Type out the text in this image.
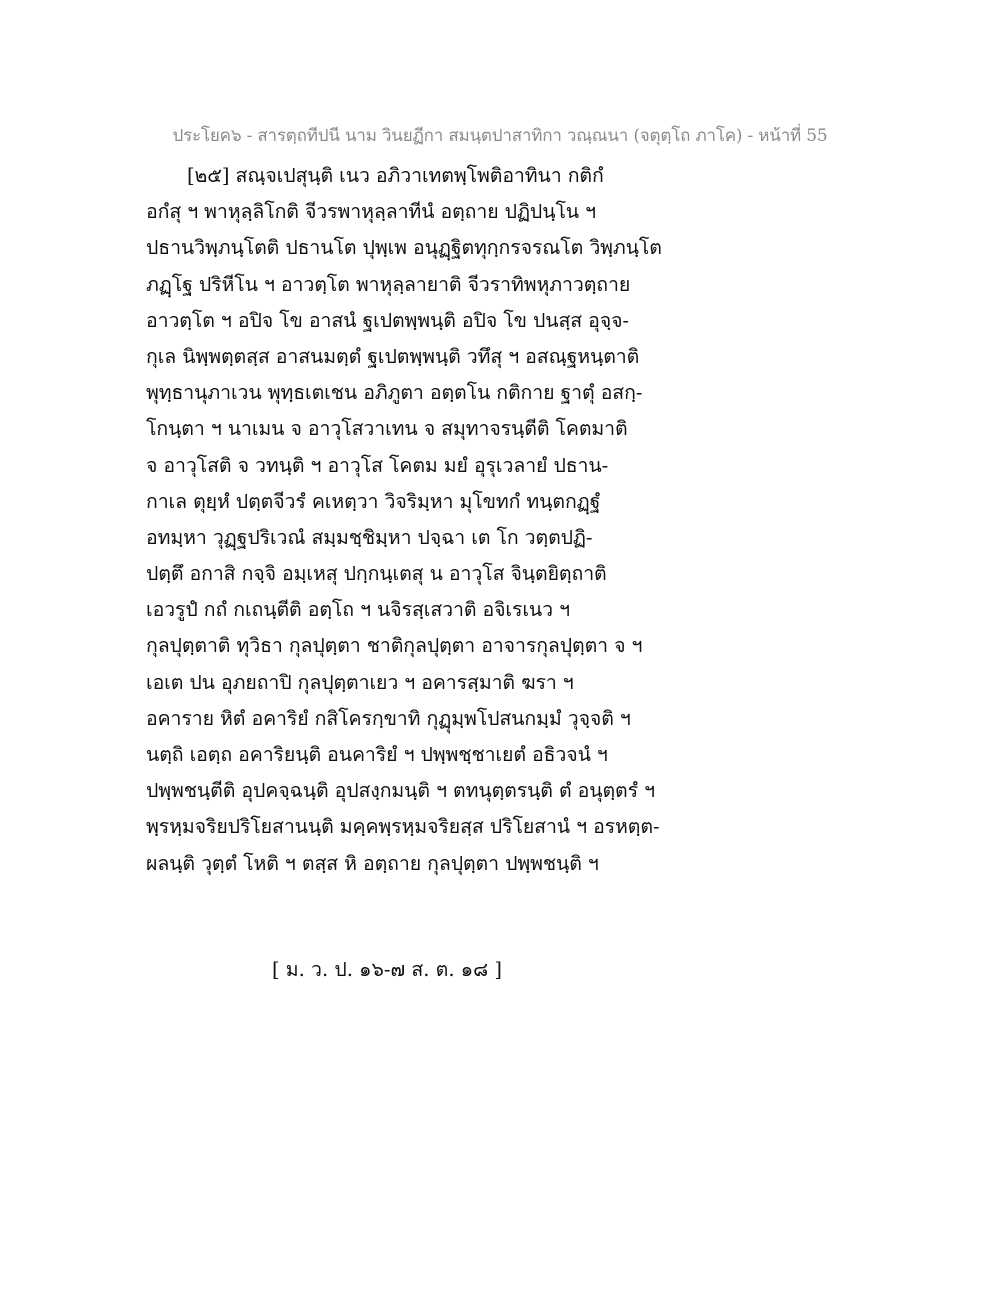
ประโยค๖ - สารตฺถทีปนี นาม วินยฏีกา สมนฺตปาสาทิกา วณฺณนา (จตุตฺโถ ภาโค) - หน้าที่ 55
[๒๕] สณฺจเปสุนฺติ เนว อภิวาเทตพฺโพติอาทินา กติกํ
อกํสุ ฯ พาหุลฺลิโกติ จีวรพาหุลฺลาทีนํ อตฺถาย ปฏิปนฺโน ฯ
ปธานวิพฺภนฺโตติ ปธานโต ปุพฺเพ อนุฏฺฐิตทุกฺกรจรณโต วิพฺภนฺโต
ภฏฺโฐ ปริหีโน ฯ อาวตฺโต พาหุลฺลายาติ จีวราทิพหุภาวตฺถาย
อาวตฺโต ฯ อปิจ โข อาสนํ ฐเปตพฺพนฺติ อปิจ โข ปนสฺส อุจฺจ-
กุเล นิพฺพตฺตสฺส อาสนมตฺตํ ฐเปตพฺพนฺติ วทึสุ ฯ อสณฺฐหนฺตาติ
พุทฺธานุภาเวน พุทฺธเตเชน อภิภูตา อตฺตโน กติกาย ฐาตุํ อสกฺ-
โกนฺตา ฯ นาเมน จ อาวุโสวาเทน จ สมุทาจรนฺตีติ โคตมาติ
จ อาวุโสติ จ วทนฺติ ฯ อาวุโส โคตม มยํ อุรุเวลายํ ปธาน-
กาเล ตุยฺหํ ปตฺตจีวรํ คเหตฺวา วิจริมฺหา มุโขทกํ ทนฺตกฏฺฐํ
อทมฺหา วุฏฺฐปริเวณํ สมฺมชฺชิมฺหา ปจฺฉา เต โก วตฺตปฏิ-
ปตฺตึ อกาสิ กจฺจิ อมฺเหสุ ปกฺกนฺเตสุ น อาวุโส จินฺตยิตฺถาติ
เอวรูปํ กถํ กเถนฺตีติ อตฺโถ ฯ นจิรสฺเสวาติ อจิเรเนว ฯ
กุลปุตฺตาติ ทุวิธา กุลปุตฺตา ชาติกุลปุตฺตา อาจารกุลปุตฺตา จ ฯ
เอเต ปน อุภยถาปิ กุลปุตฺตาเยว ฯ อคารสฺมาติ ฆรา ฯ
อคาราย หิตํ อคาริยํ กสิโครกฺขาทิ กุฏุมฺพโปสนกมฺมํ วุจฺจติ ฯ
นตฺถิ เอตฺถ อคาริยนฺติ อนคาริยํ ฯ ปพฺพชฺชาเยตํ อธิวจนํ ฯ
ปพฺพชนฺตีติ อุปคจฺฉนฺติ อุปสงฺกมนฺติ ฯ ตทนุตฺตรนฺติ ตํ อนุตฺตรํ ฯ
พฺรหฺมจริยปริโยสานนฺติ มคฺคพฺรหฺมจริยสฺส ปริโยสานํ ฯ อรหตฺต-
ผลนฺติ วุตฺตํ โหติ ฯ ตสฺส หิ อตฺถาย กุลปุตฺตา ปพฺพชนฺติ ฯ
[ ม. ว. ป. ๑๖-๗ ส. ต. ๑๘ ]
